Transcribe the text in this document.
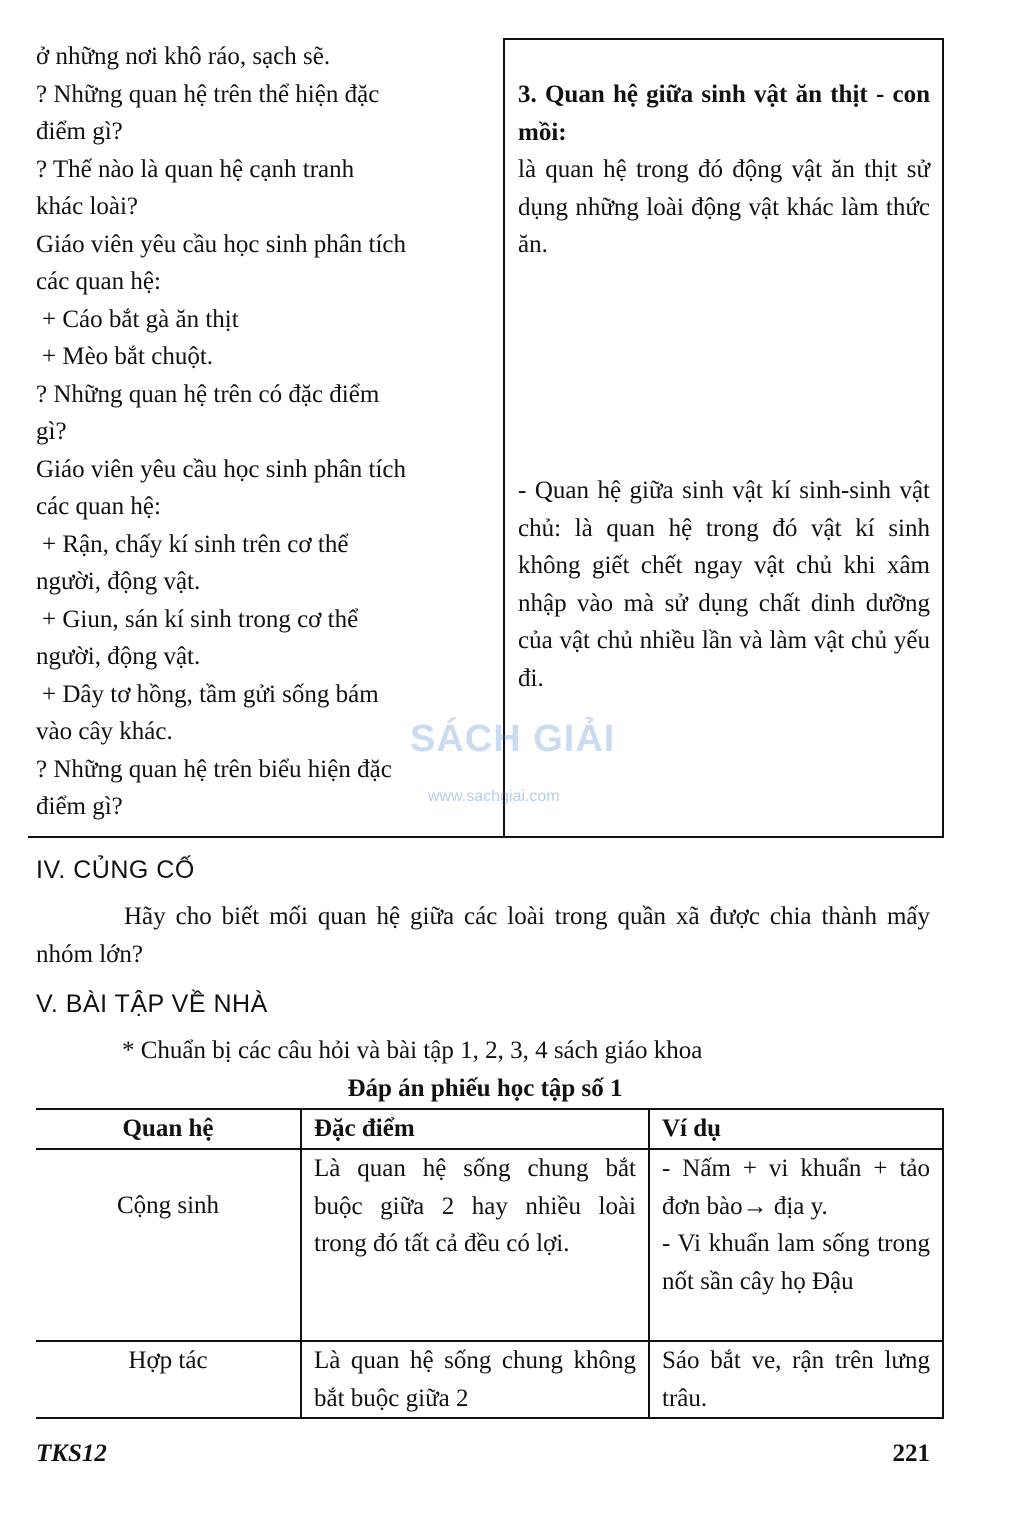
ở những nơi khô ráo, sạch sẽ.

? Những quan hệ trên thể hiện đặc

điểm gì?

? Thế nào là quan hệ cạnh tranh

khác loài?

Giáo viên yêu cầu học sinh phân tích

các quan hệ:

+ Cáo bắt gà ăn thịt

+ Mèo bắt chuột.

? Những quan hệ trên có đặc điểm

gì?

Giáo viên yêu cầu học sinh phân tích

các quan hệ:

+ Rận, chấy kí sinh trên cơ thể

người, động vật.

+ Giun, sán kí sinh trong cơ thể

người, động vật.

+ Dây tơ hồng, tầm gửi sống bám

vào cây khác.

? Những quan hệ trên biểu hiện đặc

điểm gì?

3. Quan hệ giữa sinh vật ăn thịt - con mồi:

là quan hệ trong đó động vật ăn thịt sử dụng những loài động vật khác làm thức ăn.

- Quan hệ giữa sinh vật kí sinh-sinh vật chủ: là quan hệ trong đó vật kí sinh không giết chết ngay vật chủ khi xâm nhập vào mà sử dụng chất dinh dưỡng của vật chủ nhiều lần và làm vật chủ yếu đi.

SÁCH GIẢI
www.sachgiai.com
IV. CỦNG CỐ

Hãy cho biết mối quan hệ giữa các loài trong quần xã được chia thành mấy nhóm lớn?

V. BÀI TẬP VỀ NHÀ
* Chuẩn bị các câu hỏi và bài tập 1, 2, 3, 4 sách giáo khoa
Đáp án phiếu học tập số 1
Quan hệ	Đặc điểm	Ví dụ

Cộng sinh	Là quan hệ sống chung bắt buộc giữa 2 hay nhiều loài trong đó tất cả đều có lợi.	- Nấm + vi khuẩn + tảo đơn bào→ địa y.
- Vi khuẩn lam sống trong nốt sần cây họ Đậu

Hợp tác	Là quan hệ sống chung không bắt buộc giữa 2	Sáo bắt ve, rận trên lưng trâu.
TKS12	221
